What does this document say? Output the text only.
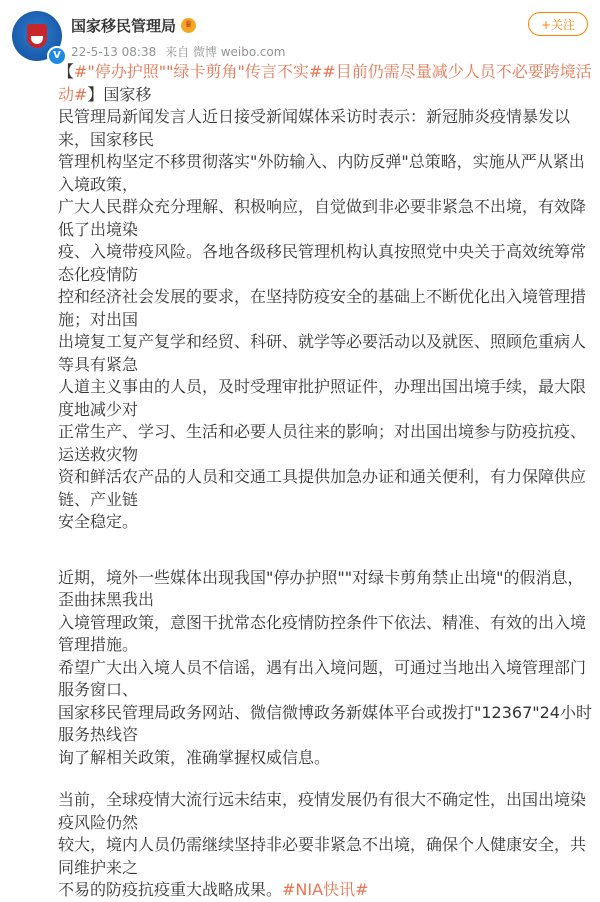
V
国家移民管理局 ♛
22-5-13 08:38 来自 微博 weibo.com
+关注
【#"停办护照""绿卡剪角"传言不实##目前仍需尽量减少人员不必要跨境活动#】国家移
民管理局新闻发言人近日接受新闻媒体采访时表示：新冠肺炎疫情暴发以来，国家移民
管理机构坚定不移贯彻落实"外防输入、内防反弹"总策略，实施从严从紧出入境政策，
广大人民群众充分理解、积极响应，自觉做到非必要非紧急不出境，有效降低了出境染
疫、入境带疫风险。各地各级移民管理机构认真按照党中央关于高效统筹常态化疫情防
控和经济社会发展的要求，在坚持防疫安全的基础上不断优化出入境管理措施；对出国
出境复工复产复学和经贸、科研、就学等必要活动以及就医、照顾危重病人等具有紧急
人道主义事由的人员，及时受理审批护照证件，办理出国出境手续，最大限度地减少对
正常生产、学习、生活和必要人员往来的影响；对出国出境参与防疫抗疫、运送救灾物
资和鲜活农产品的人员和交通工具提供加急办证和通关便利，有力保障供应链、产业链
安全稳定。
近期，境外一些媒体出现我国"停办护照""对绿卡剪角禁止出境"的假消息，歪曲抹黑我出
入境管理政策，意图干扰常态化疫情防控条件下依法、精准、有效的出入境管理措施。
希望广大出入境人员不信谣，遇有出入境问题，可通过当地出入境管理部门服务窗口、
国家移民管理局政务网站、微信微博政务新媒体平台或拨打"12367"24小时服务热线咨
询了解相关政策，准确掌握权威信息。
当前，全球疫情大流行远未结束，疫情发展仍有很大不确定性，出国出境染疫风险仍然
较大，境内人员仍需继续坚持非必要非紧急不出境，确保个人健康安全，共同维护来之
不易的防疫抗疫重大战略成果。#NIA快讯#
